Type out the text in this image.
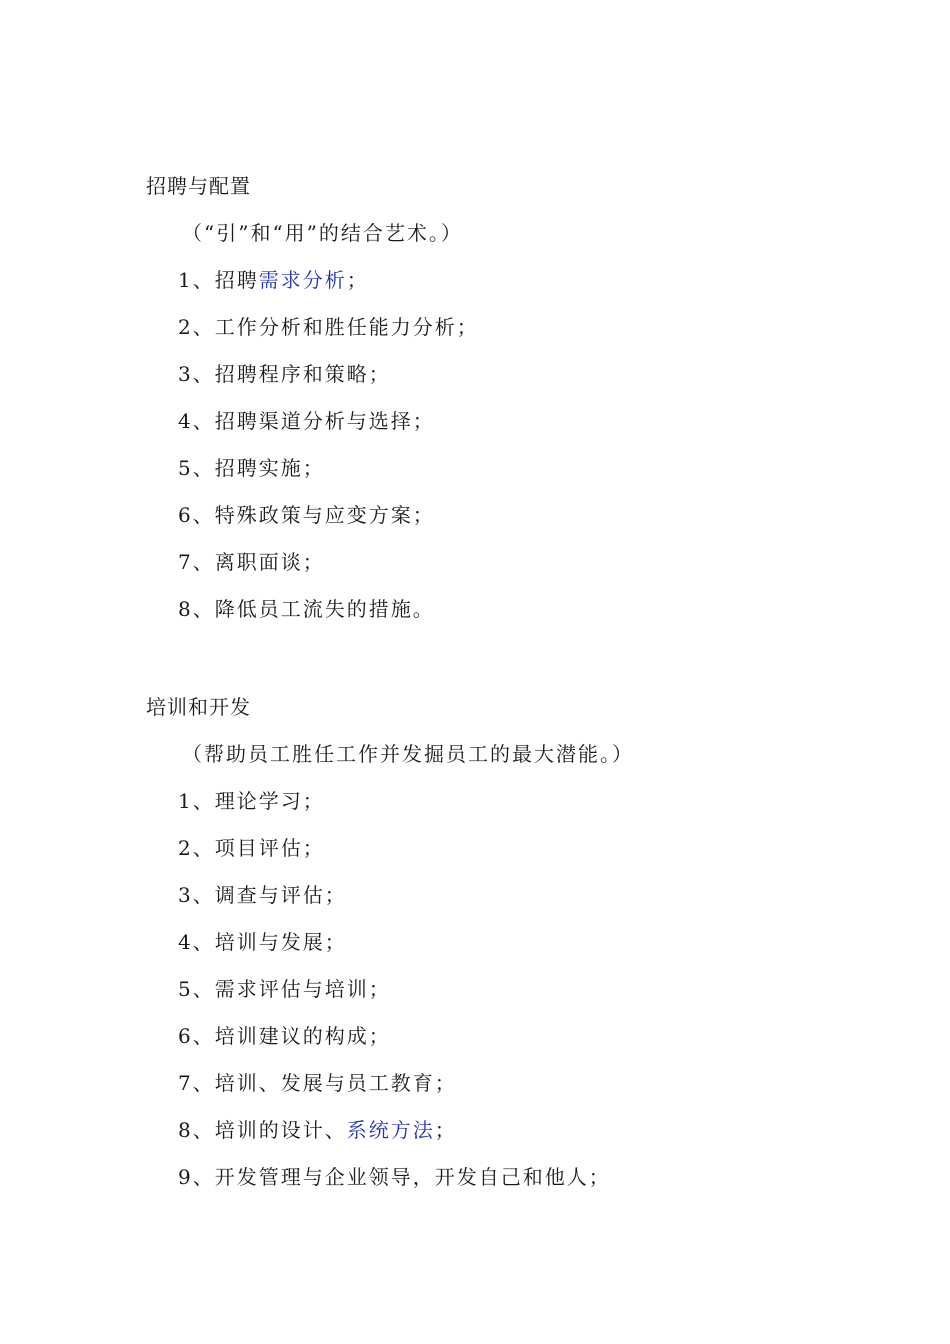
招聘与配置
（“引”和“用”的结合艺术。）
1、招聘需求分析；
2、工作分析和胜任能力分析；
3、招聘程序和策略；
4、招聘渠道分析与选择；
5、招聘实施；
6、特殊政策与应变方案；
7、离职面谈；
8、降低员工流失的措施。
培训和开发
（帮助员工胜任工作并发掘员工的最大潜能。）
1、理论学习；
2、项目评估；
3、调查与评估；
4、培训与发展；
5、需求评估与培训；
6、培训建议的构成；
7、培训、发展与员工教育；
8、培训的设计、系统方法；
9、开发管理与企业领导，开发自己和他人；
